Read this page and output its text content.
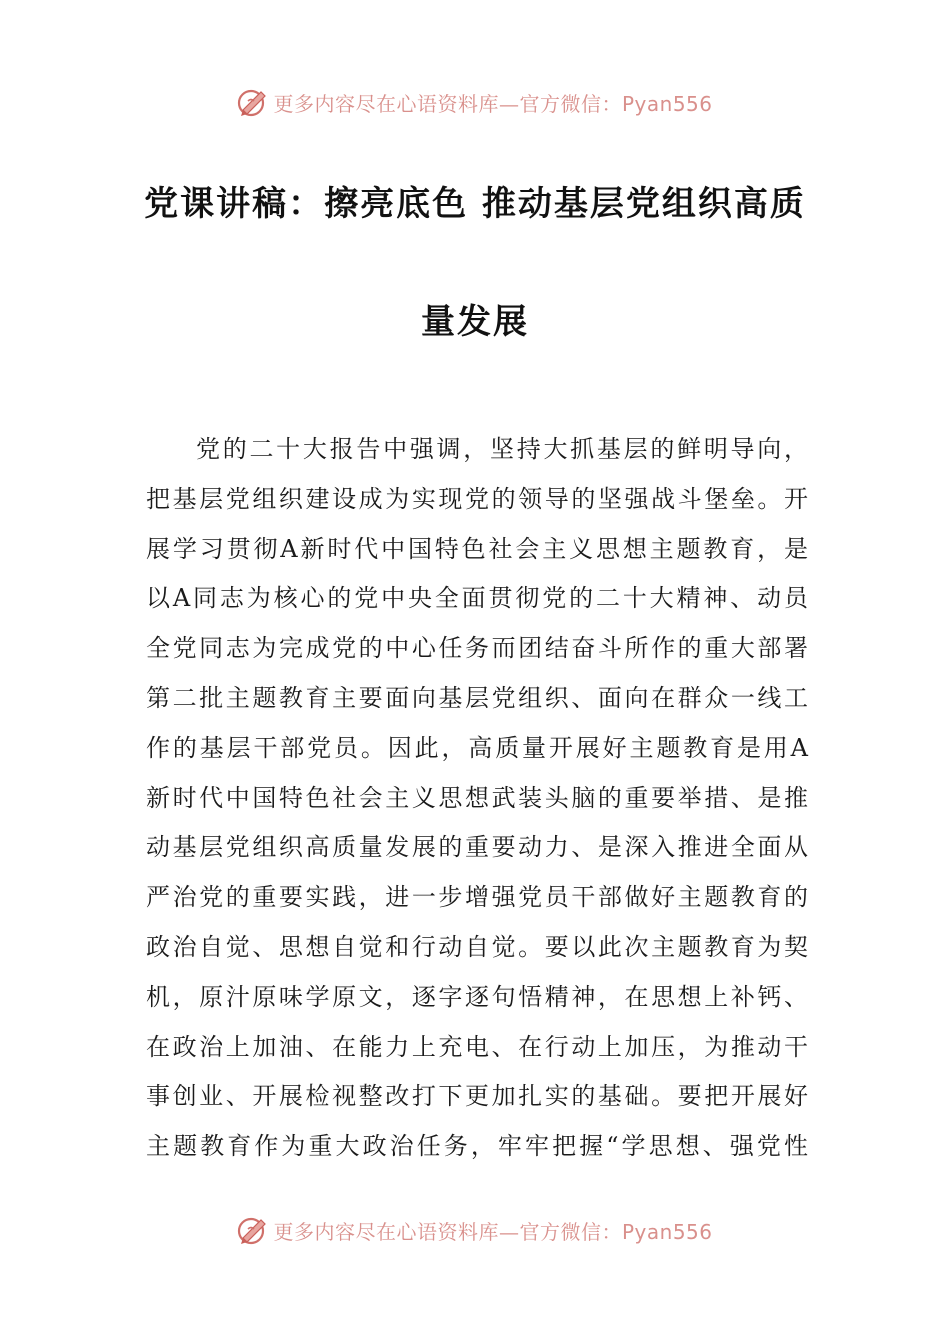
更多内容尽在心语资料库—官方微信：Pyan556
党课讲稿：擦亮底色 推动基层党组织高质
量发展
党的二十大报告中强调，坚持大抓基层的鲜明导向，
把基层党组织建设成为实现党的领导的坚强战斗堡垒。开
展学习贯彻A新时代中国特色社会主义思想主题教育，是
以A同志为核心的党中央全面贯彻党的二十大精神、动员
全党同志为完成党的中心任务而团结奋斗所作的重大部署
第二批主题教育主要面向基层党组织、面向在群众一线工
作的基层干部党员。因此，高质量开展好主题教育是用A
新时代中国特色社会主义思想武装头脑的重要举措、是推
动基层党组织高质量发展的重要动力、是深入推进全面从
严治党的重要实践，进一步增强党员干部做好主题教育的
政治自觉、思想自觉和行动自觉。要以此次主题教育为契
机，原汁原味学原文，逐字逐句悟精神，在思想上补钙、
在政治上加油、在能力上充电、在行动上加压，为推动干
事创业、开展检视整改打下更加扎实的基础。要把开展好
主题教育作为重大政治任务，牢牢把握“学思想、强党性
更多内容尽在心语资料库—官方微信：Pyan556
